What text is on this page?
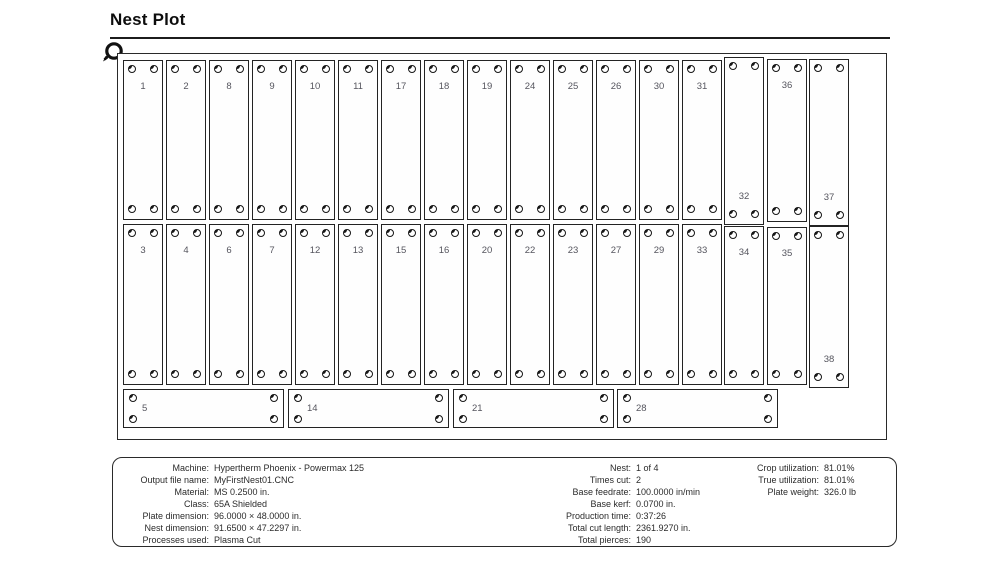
Nest Plot
1	2	8	9	10	11	17	18	19	24	25	26	30	31
32
36
37
3	4	6	7	12	13	15	16	20	22	23	27	29	33	34	35
38
5	14	21	28
Machine: Hypertherm Phoenix - Powermax 125
Output file name: MyFirstNest01.CNC
Material: MS 0.2500 in.
Class: 65A Shielded
Plate dimension: 96.0000 × 48.0000 in.
Nest dimension: 91.6500 × 47.2297 in.
Processes used: Plasma Cut
Nest: 1 of 4
Times cut: 2
Base feedrate: 100.0000 in/min
Base kerf: 0.0700 in.
Production time: 0:37:26
Total cut length: 2361.9270 in.
Total pierces: 190
Crop utilization: 81.01%
True utilization: 81.01%
Plate weight: 326.0 lb
